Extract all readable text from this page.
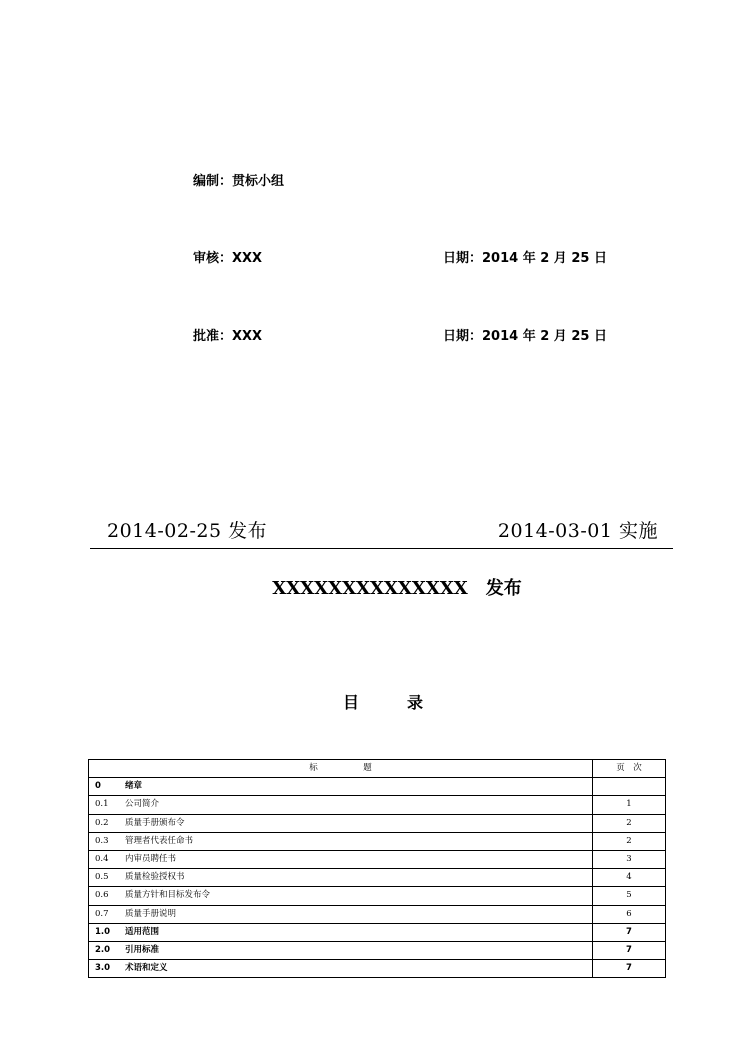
编制：贯标小组
审核：XXX	日期：2014 年 2 月 25 日
批准：XXX	日期：2014 年 2 月 25 日
2014-02-25 发布	2014-03-01 实施
XXXXXXXXXXXXXX　发布
目	录
标 题	页　次
0 绪章	
0.1 公司简介	1
0.2 质量手册颁布令	2
0.3 管理者代表任命书	2
0.4 内审员聘任书	3
0.5 质量检验授权书	4
0.6 质量方针和目标发布令	5
0.7 质量手册说明	6
1.0 适用范围	7
2.0 引用标准	7
3.0 术语和定义	7
